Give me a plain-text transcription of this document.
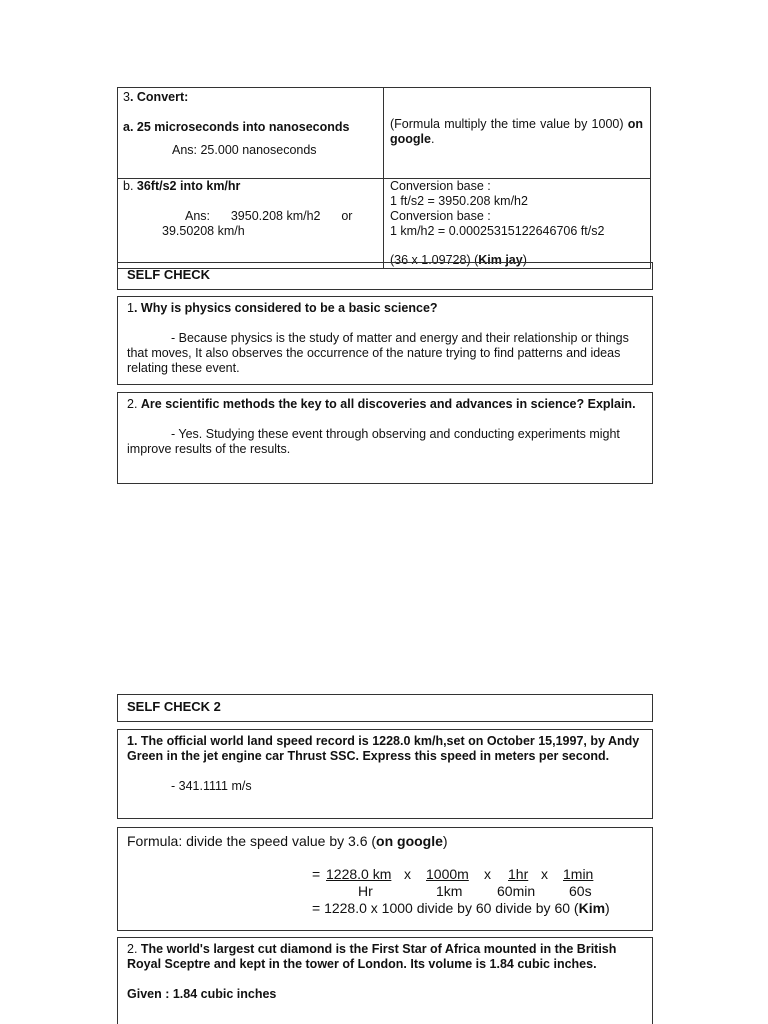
3. Convert:

a. 25 microseconds into nanoseconds

Ans: 25.000 nanoseconds

(Formula multiply the time value by 1000) on google.

b. 36ft/s2 into km/hr

Ans:      3950.208 km/h2      or

39.50208 km/h

Conversion base :

1 ft/s2 = 3950.208 km/h2

Conversion base :

1 km/h2 = 0.00025315122646706 ft/s2

(36 x 1.09728) (Kim jay)

SELF CHECK

1. Why is physics considered to be a basic science?

- Because physics is the study of matter and energy and their relationship or things that moves, It also observes the occurrence of the nature trying to find patterns and ideas relating these event.

2. Are scientific methods the key to all discoveries and advances in science? Explain.

- Yes. Studying these event through observing and conducting experiments might improve results of the results.

SELF CHECK 2

1. The official world land speed record is 1228.0 km/h,set on October 15,1997, by Andy Green in the jet engine car Thrust SSC. Express this speed in meters per second.

- 341.1111 m/s

Formula: divide the speed value by 3.6 (on google)
= 1228.0 km x 1000m x 1hr x 1min
Hr	1km 60min 60s
= 1228.0 x 1000 divide by 60 divide by 60 (Kim)

2. The world's largest cut diamond is the First Star of Africa mounted in the British Royal Sceptre and kept in the tower of London. Its volume is 1.84 cubic inches.

Given : 1.84 cubic inches
